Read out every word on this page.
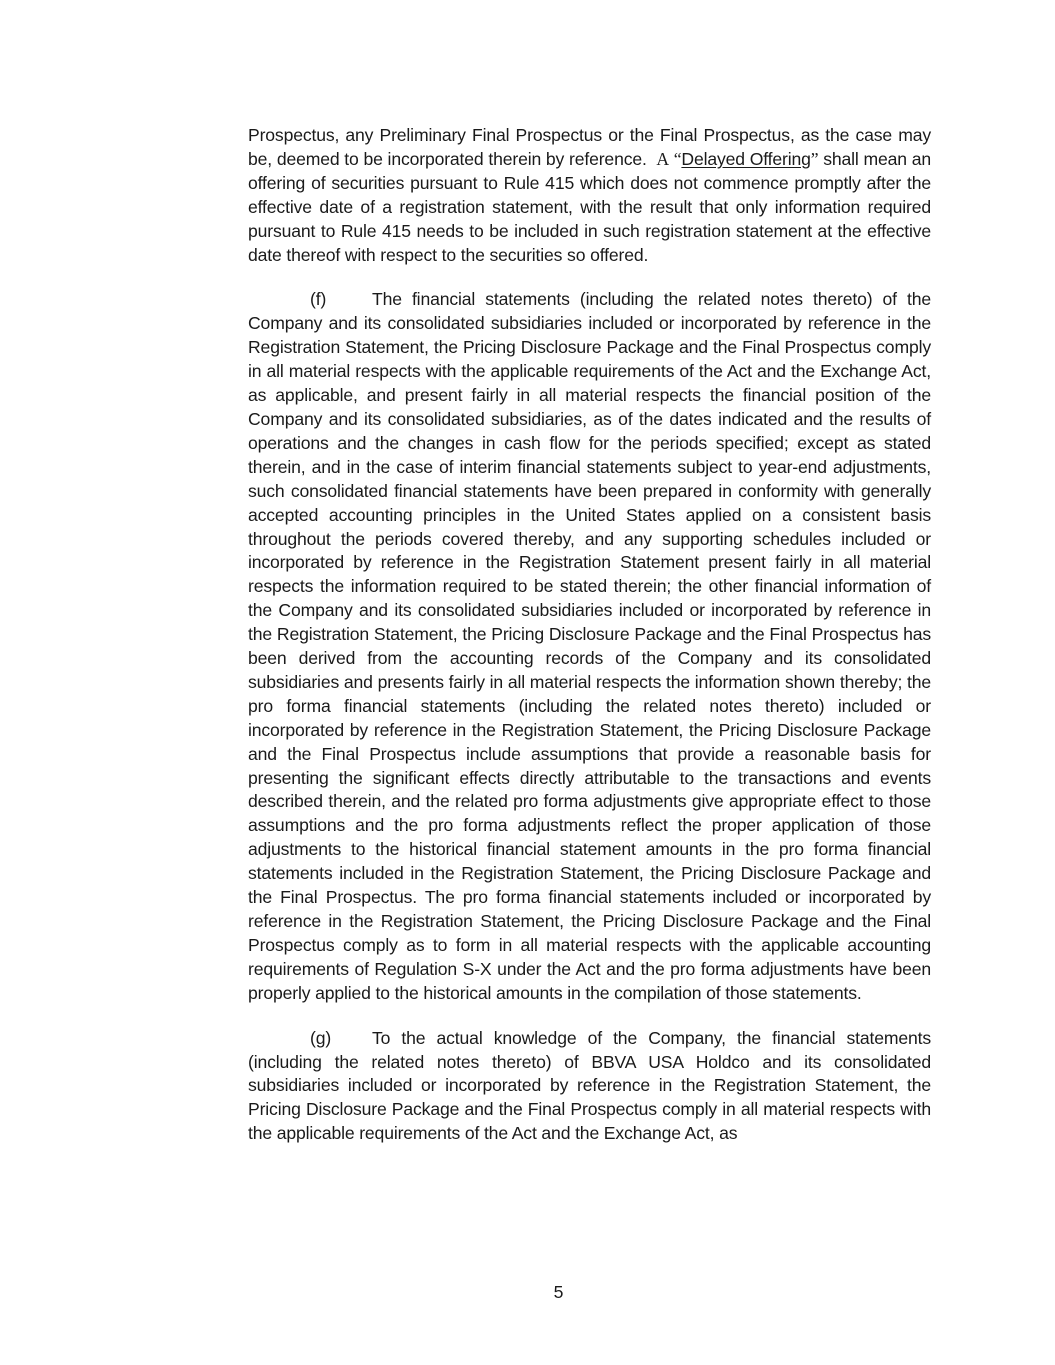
Prospectus, any Preliminary Final Prospectus or the Final Prospectus, as the case may be, deemed to be incorporated therein by reference. A “Delayed Offering” shall mean an offering of securities pursuant to Rule 415 which does not commence promptly after the effective date of a registration statement, with the result that only information required pursuant to Rule 415 needs to be included in such registration statement at the effective date thereof with respect to the securities so offered.

(f)	The financial statements (including the related notes thereto) of the Company and its consolidated subsidiaries included or incorporated by reference in the Registration Statement, the Pricing Disclosure Package and the Final Prospectus comply in all material respects with the applicable requirements of the Act and the Exchange Act, as applicable, and present fairly in all material respects the financial position of the Company and its consolidated subsidiaries, as of the dates indicated and the results of operations and the changes in cash flow for the periods specified; except as stated therein, and in the case of interim financial statements subject to year-end adjustments, such consolidated financial statements have been prepared in conformity with generally accepted accounting principles in the United States applied on a consistent basis throughout the periods covered thereby, and any supporting schedules included or incorporated by reference in the Registration Statement present fairly in all material respects the information required to be stated therein; the other financial information of the Company and its consolidated subsidiaries included or incorporated by reference in the Registration Statement, the Pricing Disclosure Package and the Final Prospectus has been derived from the accounting records of the Company and its consolidated subsidiaries and presents fairly in all material respects the information shown thereby; the pro forma financial statements (including the related notes thereto) included or incorporated by reference in the Registration Statement, the Pricing Disclosure Package and the Final Prospectus include assumptions that provide a reasonable basis for presenting the significant effects directly attributable to the transactions and events described therein, and the related pro forma adjustments give appropriate effect to those assumptions and the pro forma adjustments reflect the proper application of those adjustments to the historical financial statement amounts in the pro forma financial statements included in the Registration Statement, the Pricing Disclosure Package and the Final Prospectus. The pro forma financial statements included or incorporated by reference in the Registration Statement, the Pricing Disclosure Package and the Final Prospectus comply as to form in all material respects with the applicable accounting requirements of Regulation S-X under the Act and the pro forma adjustments have been properly applied to the historical amounts in the compilation of those statements.

(g) To the actual knowledge of the Company, the financial statements (including the related notes thereto) of BBVA USA Holdco and its consolidated subsidiaries included or incorporated by reference in the Registration Statement, the Pricing Disclosure Package and the Final Prospectus comply in all material respects with the applicable requirements of the Act and the Exchange Act, as

5
